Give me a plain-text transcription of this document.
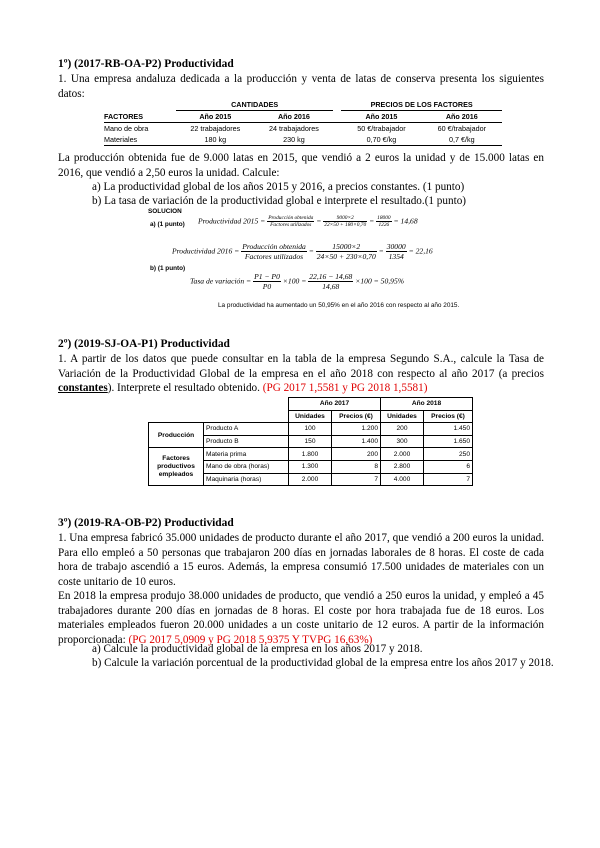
1º) (2017-RB-OA-P2) Productividad

1. Una empresa andaluza dedicada a la producción y venta de latas de conserva presenta los siguientes datos:

	CANTIDADES			PRECIOS DE LOS FACTORES	
FACTORES	Año 2015	Año 2016		Año 2015	Año 2016
Mano de obra	22 trabajadores	24 trabajadores		50 €/trabajador	60 €/trabajador
Materiales	180 kg	230 kg		0,70 €/kg	0,7 €/kg

La producción obtenida fue de 9.000 latas en 2015, que vendió a 2 euros la unidad y de 15.000 latas en 2016, que vendió a 2,50 euros la unidad. Calcule:

a) La productividad global de los años 2015 y 2016, a precios constantes. (1 punto)

b) La tasa de variación de la productividad global e interprete el resultado.(1 punto)

SOLUCION
a) (1 punto) Productividad $2015 = \frac{\text{Producción obtenida}}{\text{Factores utilizados}} = \frac{9000\times 2}{22\times 50 + 180\times 0,70} = \frac{18000}{1226} = 14,68$
Productividad $2016 = \frac{\text{Producción obtenida}}{\text{Factores utilizados}} = \frac{15000\times 2}{24\times 50 + 230\times 0,70} = \frac{30000}{1354} = 22,16$
b) (1 punto)
Tasa de variación = $\frac{P1 - P0}{P0} \times 100 = \frac{22,16 - 14,68}{14,68} \times 100 = 50,95\%$
La productividad ha aumentado un 50,95% en el año 2016 con respecto al año 2015.

2º) (2019-SJ-OA-P1) Productividad

1. A partir de los datos que puede consultar en la tabla de la empresa Segundo S.A., calcule la Tasa de Variación de la Productividad Global de la empresa en el año 2018 con respecto al año 2017 (a precios constantes). Interprete el resultado obtenido. (PG 2017 1,5581 y PG 2018 1,5581)

		Año 2017		Año 2018	
		Unidades	Precios (€)	Unidades	Precios (€)
Producción	Producto A	100	1.200	200	1.450
	Producto B	150	1.400	300	1.650
Factores productivos empleados	Materia prima	1.800	200	2.000	250
	Mano de obra (horas)	1.300	8	2.800	6
	Maquinaria (horas)	2.000	7	4.000	7

3º) (2019-RA-OB-P2) Productividad

1. Una empresa fabricó 35.000 unidades de producto durante el año 2017, que vendió a 200 euros la unidad. Para ello empleó a 50 personas que trabajaron 200 días en jornadas laborales de 8 horas. El coste de cada hora de trabajo ascendió a 15 euros. Además, la empresa consumió 17.500 unidades de materiales con un coste unitario de 10 euros.

En 2018 la empresa produjo 38.000 unidades de producto, que vendió a 250 euros la unidad, y empleó a 45 trabajadores durante 200 días en jornadas de 8 horas. El coste por hora trabajada fue de 18 euros. Los materiales empleados fueron 20.000 unidades a un coste unitario de 12 euros. A partir de la información proporcionada: (PG 2017 5,0909 y PG 2018 5,9375 Y TVPG 16,63%)

a) Calcule la productividad global de la empresa en los años 2017 y 2018.

b) Calcule la variación porcentual de la productividad global de la empresa entre los años 2017 y 2018.
